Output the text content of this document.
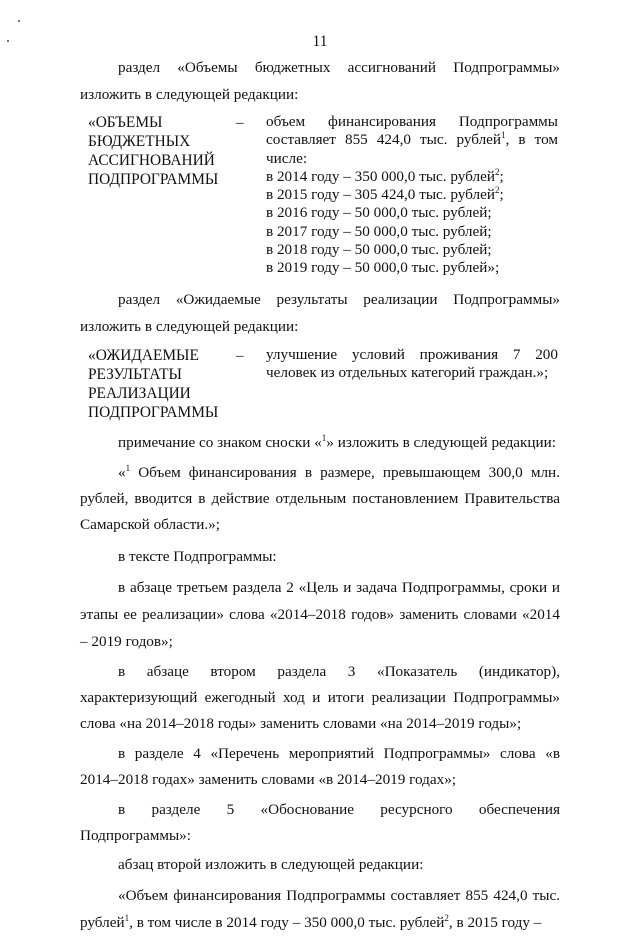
11

раздел «Объемы бюджетных ассигнований Подпрограммы» изложить в следующей редакции:

«ОБЪЕМЫ БЮДЖЕТНЫХ АССИГНОВАНИЙ ПОДПРОГРАММЫ
–	объем финансирования Подпрограммы составляет 855 424,0 тыс. рублей$^1$, в том числе:
в 2014 году – 350 000,0 тыс. рублей$^2$;
в 2015 году – 305 424,0 тыс. рублей$^2$;
в 2016 году – 50 000,0 тыс. рублей;
в 2017 году – 50 000,0 тыс. рублей;
в 2018 году – 50 000,0 тыс. рублей;
в 2019 году – 50 000,0 тыс. рублей»;

раздел «Ожидаемые результаты реализации Подпрограммы» изложить в следующей редакции:

«ОЖИДАЕМЫЕ РЕЗУЛЬТАТЫ РЕАЛИЗАЦИИ ПОДПРОГРАММЫ
–	улучшение условий проживания 7 200 человек из отдельных категорий граждан.»;

примечание со знаком сноски «$^1$» изложить в следующей редакции:

«$^1$ Объем финансирования в размере, превышающем 300,0 млн. рублей, вводится в действие отдельным постановлением Правительства Самарской области.»;

в тексте Подпрограммы:

в абзаце третьем раздела 2 «Цель и задача Подпрограммы, сроки и этапы ее реализации» слова «2014–2018 годов» заменить словами «2014 – 2019 годов»;

в абзаце втором раздела 3 «Показатель (индикатор), характеризующий ежегодный ход и итоги реализации Подпрограммы» слова «на 2014–2018 годы» заменить словами «на 2014–2019 годы»;

в разделе 4 «Перечень мероприятий Подпрограммы» слова «в 2014–2018 годах» заменить словами «в 2014–2019 годах»;

в разделе 5 «Обоснование ресурсного обеспечения Подпрограммы»:

абзац второй изложить в следующей редакции:

«Объем финансирования Подпрограммы составляет 855 424,0 тыс. рублей$^1$, в том числе в 2014 году – 350 000,0 тыс. рублей$^2$, в 2015 году –
